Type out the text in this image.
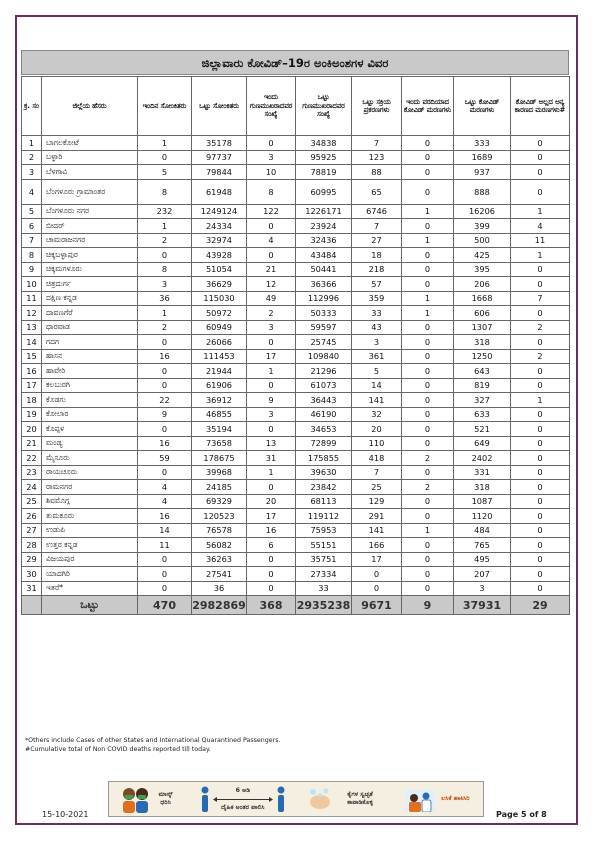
ಜಿಲ್ಲಾವಾರು ಕೋವಿಡ್–19ರ ಅಂಕಿಅಂಶಗಳ ವಿವರ
ಕ್ರ. ಸಂ	ಜಿಲ್ಲೆಯ ಹೆಸರು	ಇಂದಿನ ಸೋಂಕಿತರು	ಒಟ್ಟು ಸೋಂಕಿತರು	ಇಂದು ಗುಣಮುಖರಾದವರ ಸಂಖ್ಯೆ	ಒಟ್ಟು ಗುಣಮುಖರಾದವರ ಸಂಖ್ಯೆ	ಒಟ್ಟು ಸಕ್ರಿಯ ಪ್ರಕರಣಗಳು	ಇಂದು ವರದಿಯಾದ ಕೋವಿಡ್ ಮರಣಗಳು	ಒಟ್ಟು ಕೋವಿಡ್ ಮರಣಗಳು	ಕೋವಿಡ್ ಅಲ್ಲದ ಅನ್ಯ ಕಾರಣದ ಮರಣಗಳು#
1	ಬಾಗಲಕೋಟೆ	1	35178	0	34838	7	0	333	0
2	ಬಳ್ಳಾರಿ	0	97737	3	95925	123	0	1689	0
3	ಬೆಳಗಾವಿ	5	79844	10	78819	88	0	937	0
4	ಬೆಂಗಳೂರು ಗ್ರಾಮಾಂತರ	8	61948	8	60995	65	0	888	0
5	ಬೆಂಗಳೂರು ನಗರ	232	1249124	122	1226171	6746	1	16206	1
6	ಬೀದರ್	1	24334	0	23924	7	0	399	4
7	ಚಾಮರಾಜನಗರ	2	32974	4	32436	27	1	500	11
8	ಚಿಕ್ಕಬಳ್ಳಾಪುರ	0	43928	0	43484	18	0	425	1
9	ಚಿಕ್ಕಮಗಳೂರು	8	51054	21	50441	218	0	395	0
10	ಚಿತ್ರದುರ್ಗ	3	36629	12	36366	57	0	206	0
11	ದಕ್ಷಿಣ ಕನ್ನಡ	36	115030	49	112996	359	1	1668	7
12	ದಾವಣಗೆರೆ	1	50972	2	50333	33	1	606	0
13	ಧಾರವಾಡ	2	60949	3	59597	43	0	1307	2
14	ಗದಗ	0	26066	0	25745	3	0	318	0
15	ಹಾಸನ	16	111453	17	109840	361	0	1250	2
16	ಹಾವೇರಿ	0	21944	1	21296	5	0	643	0
17	ಕಲಬುರಗಿ	0	61906	0	61073	14	0	819	0
18	ಕೊಡಗು	22	36912	9	36443	141	0	327	1
19	ಕೋಲಾರ	9	46855	3	46190	32	0	633	0
20	ಕೊಪ್ಪಳ	0	35194	0	34653	20	0	521	0
21	ಮಂಡ್ಯ	16	73658	13	72899	110	0	649	0
22	ಮೈಸೂರು	59	178675	31	175855	418	2	2402	0
23	ರಾಯಚೂರು	0	39968	1	39630	7	0	331	0
24	ರಾಮನಗರ	4	24185	0	23842	25	2	318	0
25	ಶಿವಮೊಗ್ಗ	4	69329	20	68113	129	0	1087	0
26	ತುಮಕೂರು	16	120523	17	119112	291	0	1120	0
27	ಉಡುಪಿ	14	76578	16	75953	141	1	484	0
28	ಉತ್ತರ ಕನ್ನಡ	11	56082	6	55151	166	0	765	0
29	ವಿಜಯಪುರ	0	36263	0	35751	17	0	495	0
30	ಯಾದಗಿರಿ	0	27541	0	27334	0	0	207	0
31	ಇತರೆ*	0	36	0	33	0	0	3	0
	ಒಟ್ಟು	470	2982869	368	2935238	9671	9	37931	29
*Others include Cases of other States and International Quarantined Passengers.
#Cumulative total of Non COVID deaths reported till today.
ಮಾಸ್ಕ್ ಧರಿಸಿ
6 ಅಡಿ
ದೈಹಿಕ ಅಂತರ ಪಾಲಿಸಿ
ಕೈಗಳ ಸ್ವಚ್ಛತೆ ಕಾಪಾಡಿಕೊಳ್ಳಿ
ಲಸಿಕೆ ಹಾಕಿಸಿರಿ
15-10-2021	Page 5 of 8
